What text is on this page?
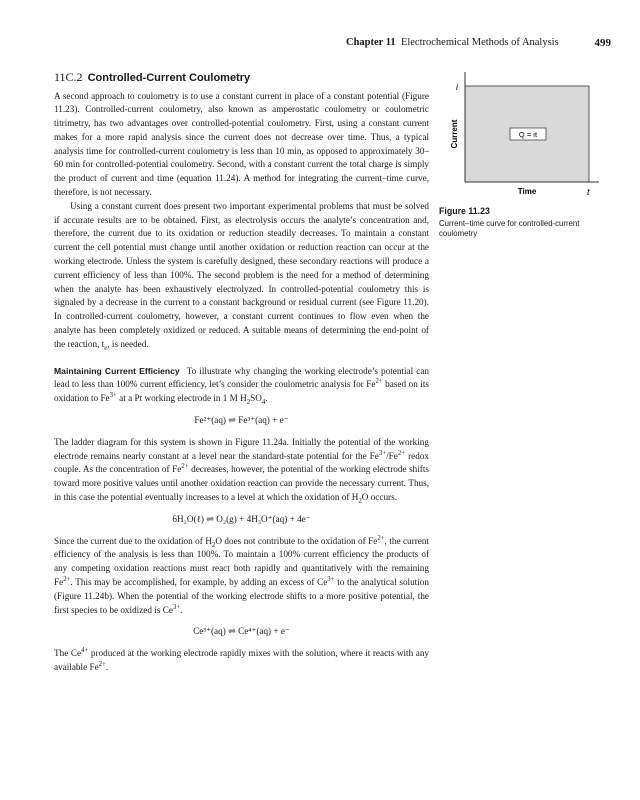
Chapter 11 Electrochemical Methods of Analysis	499
11C.2 Controlled-Current Coulometry

A second approach to coulometry is to use a constant current in place of a constant potential (Figure 11.23). Controlled-current coulometry, also known as amperostatic coulometry or coulometric titrimetry, has two advantages over controlled-potential coulometry. First, using a constant current makes for a more rapid analysis since the current does not decrease over time. Thus, a typical analysis time for controlled-current coulometry is less than 10 min, as opposed to approximately 30–60 min for controlled-potential coulometry. Second, with a constant current the total charge is simply the product of current and time (equation 11.24). A method for integrating the current–time curve, therefore, is not necessary.

Using a constant current does present two important experimental problems that must be solved if accurate results are to be obtained. First, as electrolysis occurs the analyte’s concentration and, therefore, the current due to its oxidation or reduction steadily decreases. To maintain a constant current the cell potential must change until another oxidation or reduction reaction can occur at the working electrode. Unless the system is carefully designed, these secondary reactions will produce a current efficiency of less than 100%. The second problem is the need for a method of determining when the analyte has been exhaustively electrolyzed. In controlled-potential coulometry this is signaled by a decrease in the current to a constant background or residual current (see Figure 11.20). In controlled-current coulometry, however, a constant current continues to flow even when the analyte has been completely oxidized or reduced. A suitable means of determining the end-point of the reaction, $t_e$, is needed.

Maintaining Current Efficiency To illustrate why changing the working electrode’s potential can lead to less than 100% current efficiency, let’s consider the coulometric analysis for $Fe^{2+}$ based on its oxidation to $Fe^{3+}$ at a Pt working electrode in 1 M $H_2SO_4$.

Fe²⁺(aq) ⇌ Fe³⁺(aq) + e⁻

The ladder diagram for this system is shown in Figure 11.24a. Initially the potential of the working electrode remains nearly constant at a level near the standard-state potential for the $Fe^{3+}/Fe^{2+}$ redox couple. As the concentration of $Fe^{2+}$ decreases, however, the potential of the working electrode shifts toward more positive values until another oxidation reaction can provide the necessary current. Thus, in this case the potential eventually increases to a level at which the oxidation of $H_2O$ occurs.

6H₂O(ℓ) ⇌ O₂(g) + 4H₃O⁺(aq) + 4e⁻

Since the current due to the oxidation of $H_2O$ does not contribute to the oxidation of $Fe^{2+}$, the current efficiency of the analysis is less than 100%. To maintain a 100% current efficiency the products of any competing oxidation reactions must react both rapidly and quantitatively with the remaining $Fe^{2+}$. This may be accomplished, for example, by adding an excess of $Ce^{3+}$ to the analytical solution (Figure 11.24b). When the potential of the working electrode shifts to a more positive potential, the first species to be oxidized is $Ce^{3+}$.

Ce³⁺(aq) ⇌ Ce⁴⁺(aq) + e⁻

The $Ce^{4+}$ produced at the working electrode rapidly mixes with the solution, where it reacts with any available $Fe^{2+}$.

i
t
Time
Current	Q = it
Figure 11.23
Current–time curve for controlled-current coulometry
